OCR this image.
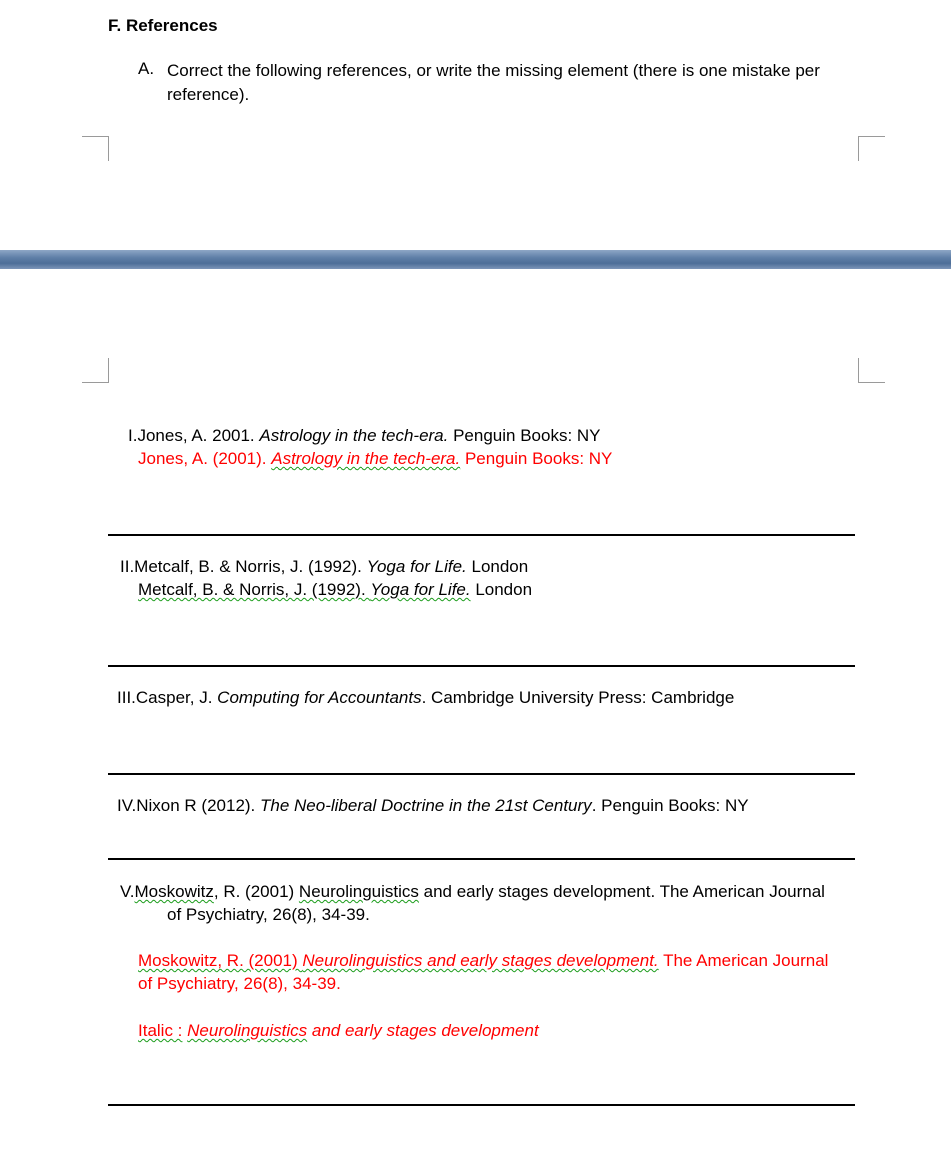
F. References
A. Correct the following references, or write the missing element (there is one mistake per reference).
I.Jones, A. 2001. Astrology in the tech-era. Penguin Books: NY
Jones, A. (2001). Astrology in the tech-era. Penguin Books: NY
II.Metcalf, B. & Norris, J. (1992). Yoga for Life. London
Metcalf, B. & Norris, J. (1992). Yoga for Life. London
III.Casper, J. Computing for Accountants. Cambridge University Press: Cambridge
IV.Nixon R (2012). The Neo-liberal Doctrine in the 21st Century. Penguin Books: NY
V.Moskowitz, R. (2001) Neurolinguistics and early stages development. The American Journal
of Psychiatry, 26(8), 34-39.
Moskowitz, R. (2001) Neurolinguistics and early stages development. The American Journal
of Psychiatry, 26(8), 34-39.
Italic : Neurolinguistics and early stages development
